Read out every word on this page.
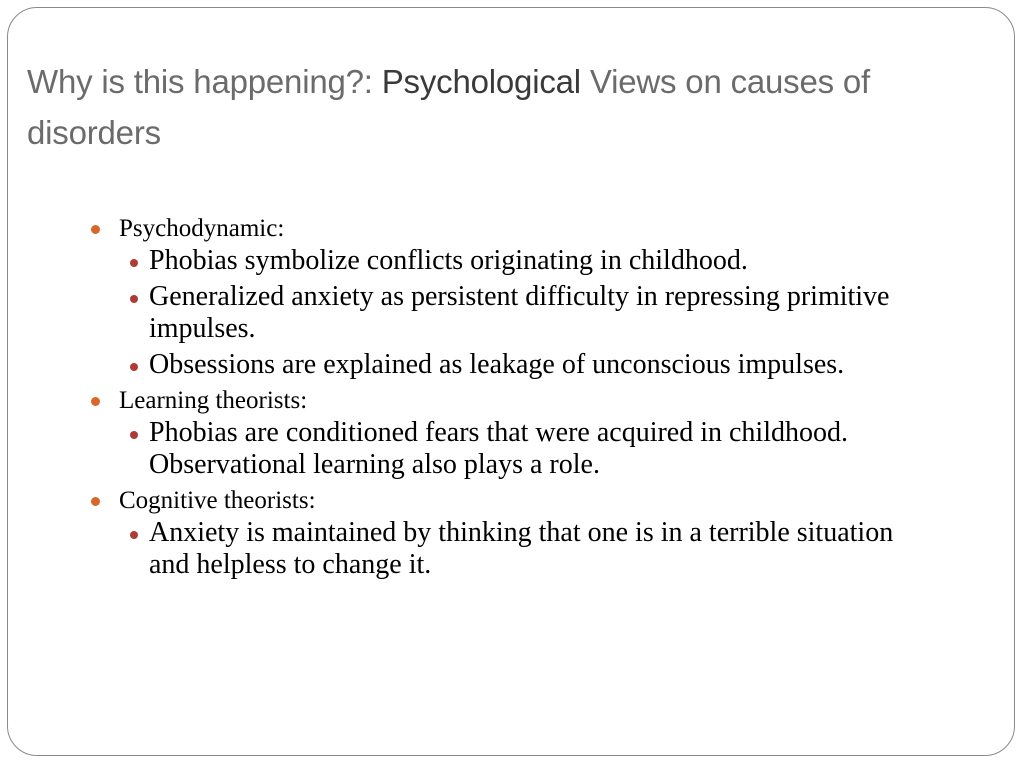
Why is this happening?: Psychological Views on causes of disorders

Psychodynamic:

Phobias symbolize conflicts originating in childhood.

Generalized anxiety as persistent difficulty in repressing primitive impulses.

Obsessions are explained as leakage of unconscious impulses.

Learning theorists:

Phobias are conditioned fears that were acquired in childhood. Observational learning also plays a role.

Cognitive theorists:

Anxiety is maintained by thinking that one is in a terrible situation and helpless to change it.
